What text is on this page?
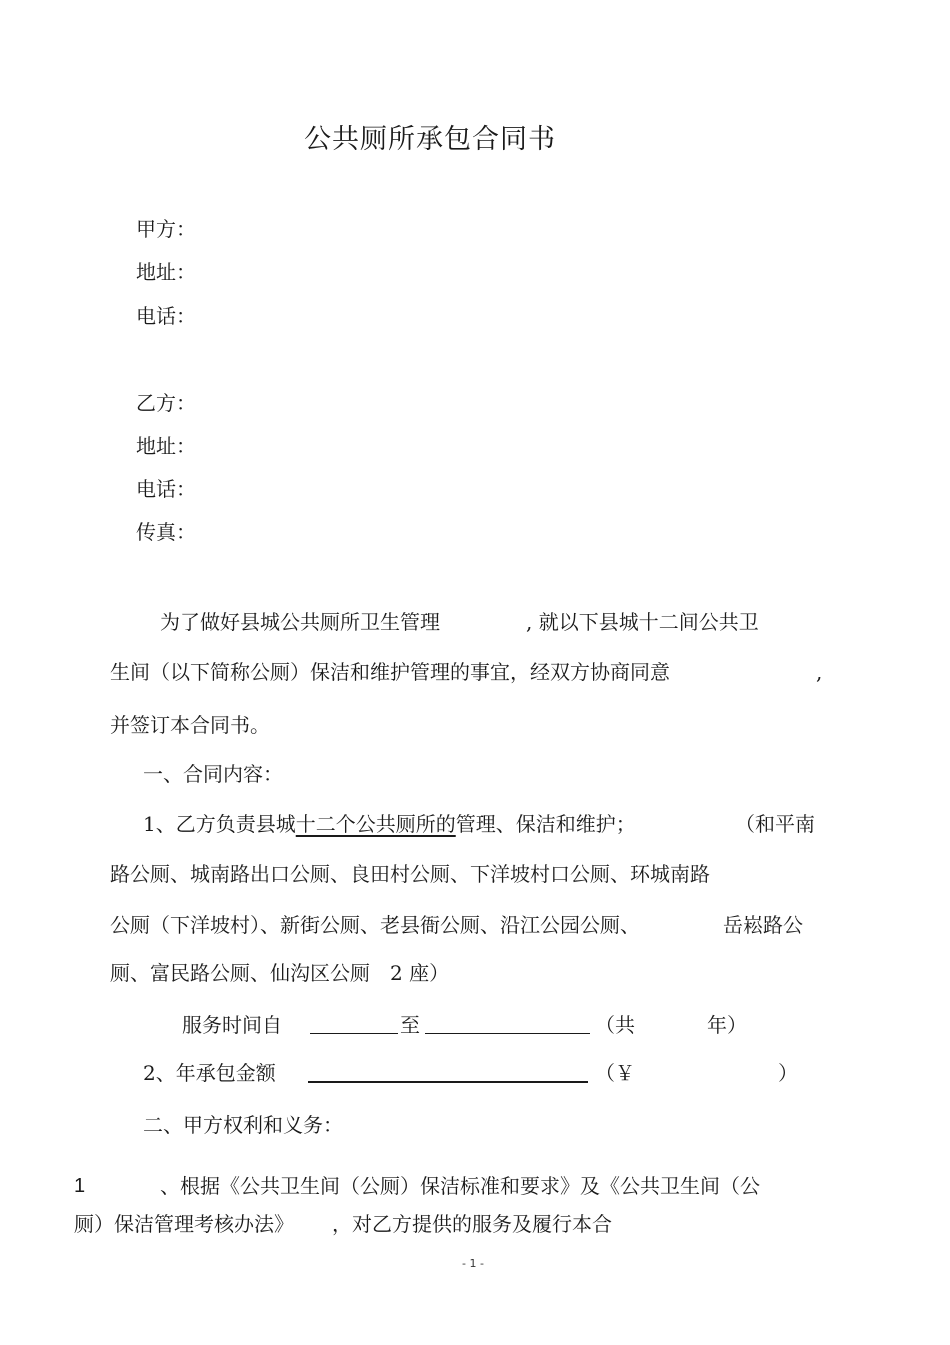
公共厕所承包合同书
甲方：
地址：
电话：
乙方：
地址：
电话：
传真：
为了做好县城公共厕所卫生管理	, 就以下县城十二间公共卫
生间（以下简称公厕）保洁和维护管理的事宜，经双方协商同意	,
并签订本合同书。
一、合同内容：
1、乙方负责县城十二个公共厕所的管理、保洁和维护；	（和平南
路公厕、城南路出口公厕、良田村公厕、下洋坡村口公厕、环城南路
公厕（下洋坡村）、新街公厕、老县衙公厕、沿江公园公厕、	岳崧路公
厕、富民路公厕、仙沟区公厕　2 座）
服务时间自	至	（共	年）
2、年承包金额	（￥	）
二、甲方权利和义务：
1	、根据《公共卫生间（公厕）保洁标准和要求》及《公共卫生间（公
厕）保洁管理考核办法》 ，对乙方提供的服务及履行本合
- 1 -
